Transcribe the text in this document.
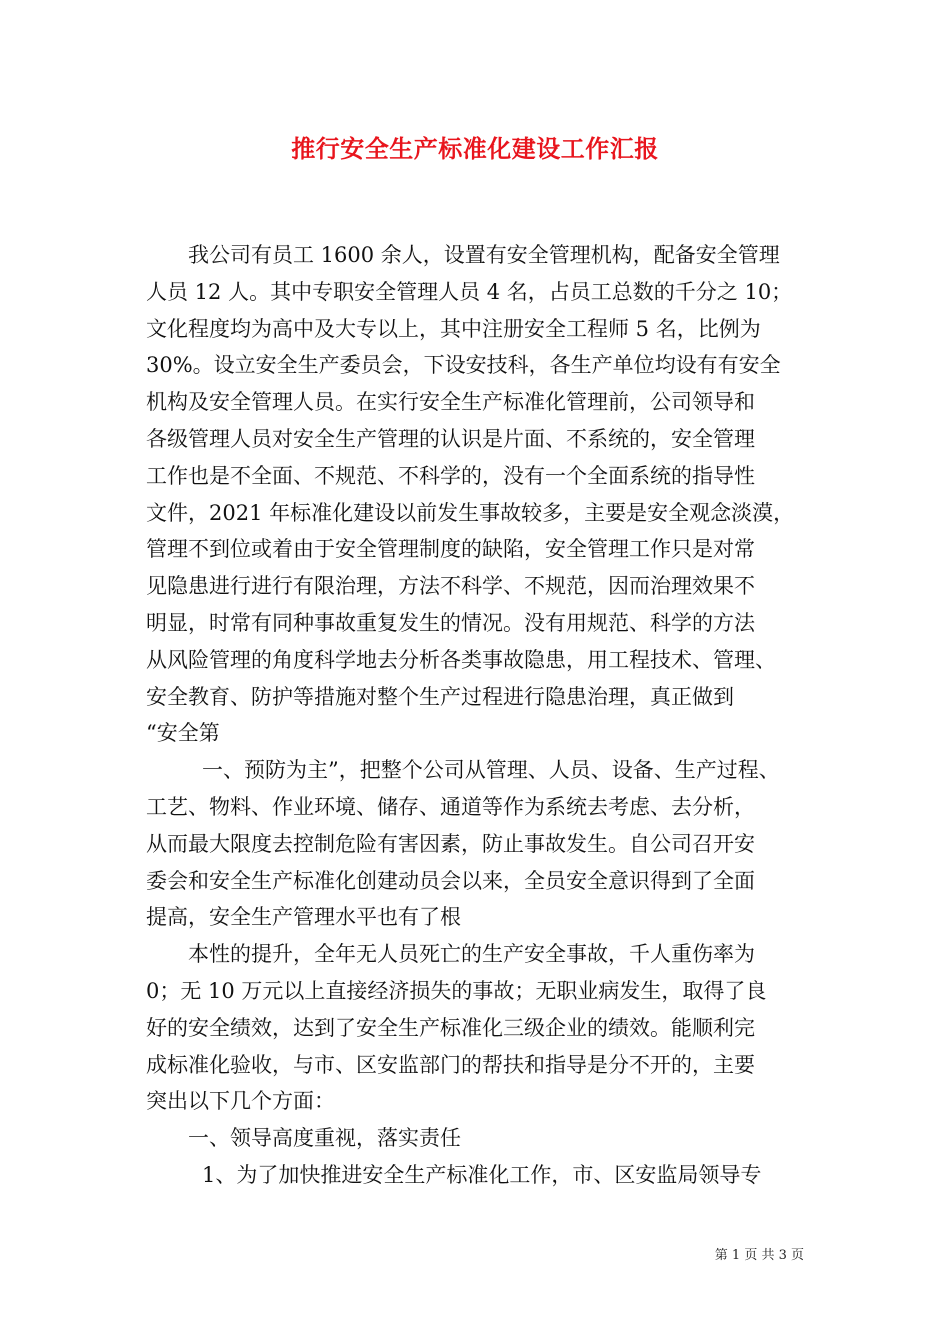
推行安全生产标准化建设工作汇报
我公司有员工 1600 余人，设置有安全管理机构，配备安全管理
人员 12 人。其中专职安全管理人员 4 名，占员工总数的千分之 10；
文化程度均为高中及大专以上，其中注册安全工程师 5 名，比例为
30%。设立安全生产委员会，下设安技科，各生产单位均设有有安全
机构及安全管理人员。在实行安全生产标准化管理前，公司领导和
各级管理人员对安全生产管理的认识是片面、不系统的，安全管理
工作也是不全面、不规范、不科学的，没有一个全面系统的指导性
文件，2021 年标准化建设以前发生事故较多，主要是安全观念淡漠，
管理不到位或着由于安全管理制度的缺陷，安全管理工作只是对常
见隐患进行进行有限治理，方法不科学、不规范，因而治理效果不
明显，时常有同种事故重复发生的情况。没有用规范、科学的方法
从风险管理的角度科学地去分析各类事故隐患，用工程技术、管理、
安全教育、防护等措施对整个生产过程进行隐患治理，真正做到
“安全第
一、预防为主”，把整个公司从管理、人员、设备、生产过程、
工艺、物料、作业环境、储存、通道等作为系统去考虑、去分析，
从而最大限度去控制危险有害因素，防止事故发生。自公司召开安
委会和安全生产标准化创建动员会以来，全员安全意识得到了全面
提高，安全生产管理水平也有了根
本性的提升，全年无人员死亡的生产安全事故，千人重伤率为
0；无 10 万元以上直接经济损失的事故；无职业病发生，取得了良
好的安全绩效，达到了安全生产标准化三级企业的绩效。能顺利完
成标准化验收，与市、区安监部门的帮扶和指导是分不开的，主要
突出以下几个方面：
一、领导高度重视，落实责任
1、为了加快推进安全生产标准化工作，市、区安监局领导专
第 1 页 共 3 页
